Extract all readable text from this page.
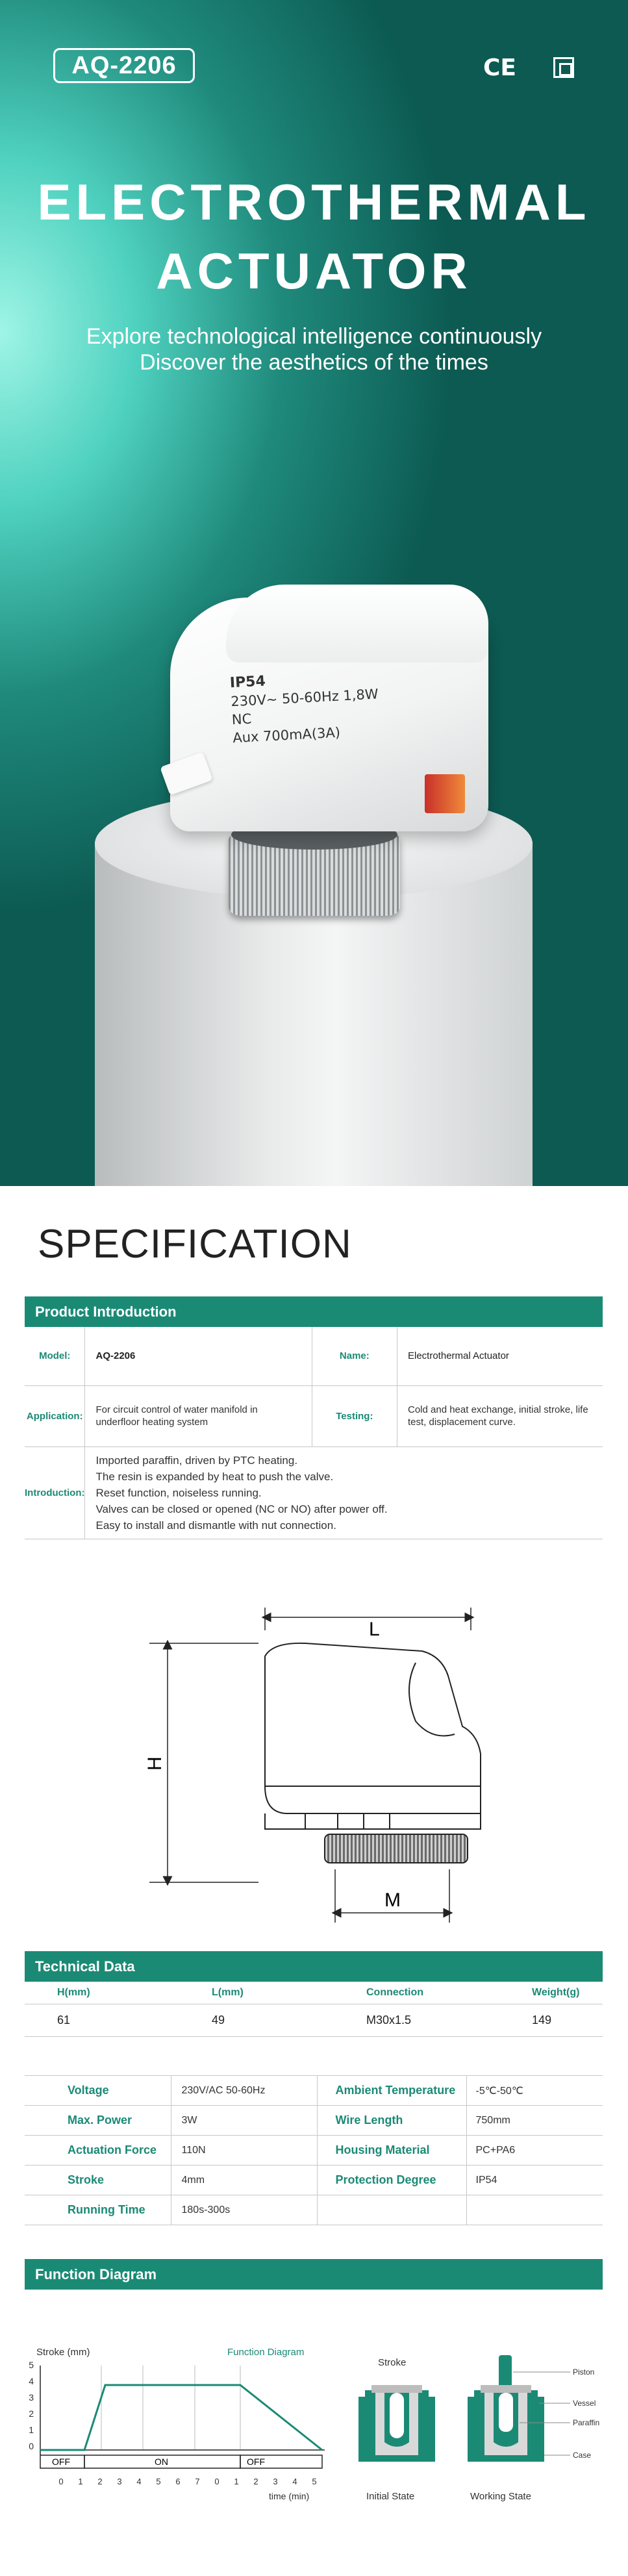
AQ-2206	CE
ELECTROTHERMAL
ACTUATOR
Explore technological intelligence continuously
Discover the aesthetics of the times
IP54
230V~ 50-60Hz 1,8W
NC
Aux 700mA(3A)
SPECIFICATION
Product Introduction
Model:	AQ-2206	Name:	Electrothermal Actuator
Application:	For circuit control of water manifold in underfloor heating system	Testing:	Cold and heat exchange, initial stroke, life test, displacement curve.

Introduction:	Imported paraffin, driven by PTC heating.
The resin is expanded by heat to push the valve.
Reset function, noiseless running.
Valves can be closed or opened (NC or NO) after power off.
Easy to install and dismantle with nut connection.		
L
H
M
Technical Data
H(mm)	L(mm)	Connection	Weight(g)
61	49	M30x1.5	149
Voltage	230V/AC 50-60Hz	Ambient Temperature	-5℃-50℃
Max. Power	3W	Wire Length	750mm
Actuation Force	110N	Housing Material	PC+PA6
Stroke	4mm	Protection Degree	IP54
Running Time	180s-300s		
Function Diagram
Stroke (mm)	Function Diagram
5
4
3
2
1
0
OFF	ON	OFF
0 1 2 3 4 5 6 7 0 1 2 3 4 5
time (min)
Stroke
Piston
Vessel
Paraffin
Case
Initial State	Working State
